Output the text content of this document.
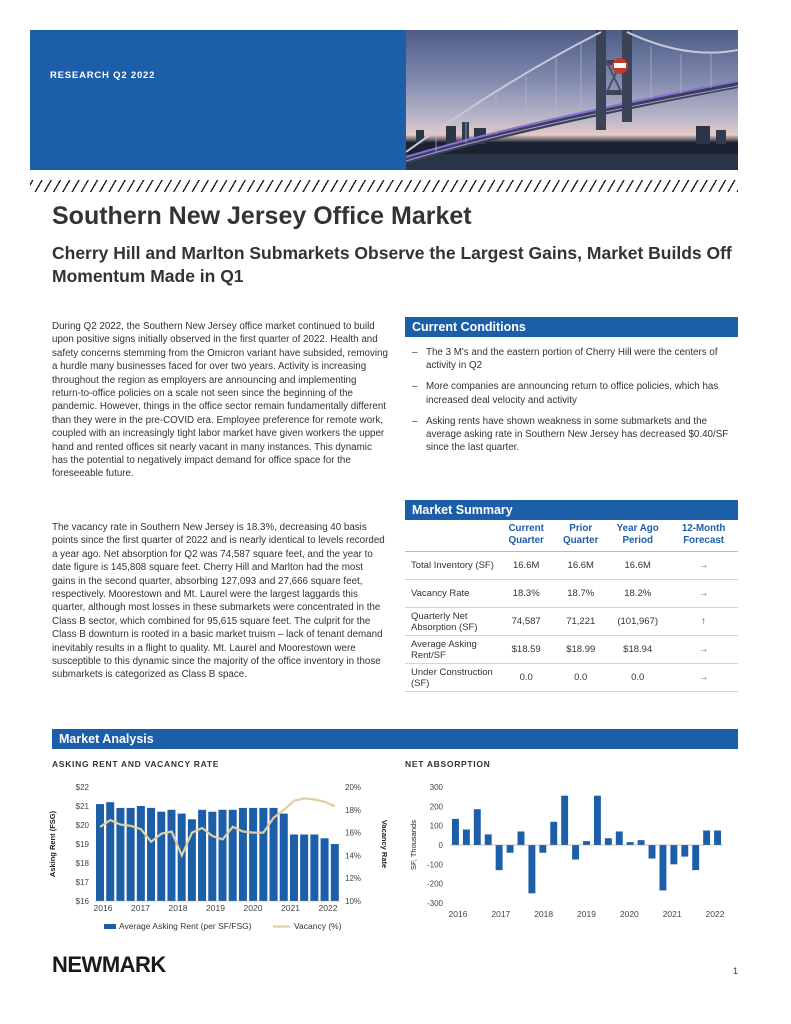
RESEARCH Q2 2022
Southern New Jersey Office Market
Cherry Hill and Marlton Submarkets Observe the Largest Gains, Market Builds Off Momentum Made in Q1

During Q2 2022, the Southern New Jersey office market continued to build upon positive signs initially observed in the first quarter of 2022. Health and safety concerns stemming from the Omicron variant have subsided, removing a hurdle many businesses faced for over two years. Activity is increasing throughout the region as employers are announcing and implementing return-to-office policies on a scale not seen since the beginning of the pandemic. However, things in the office sector remain fundamentally different than they were in the pre-COVID era. Employee preference for remote work, coupled with an increasingly tight labor market have given workers the upper hand and rented offices sit nearly vacant in many instances. This dynamic has the potential to negatively impact demand for office space for the foreseeable future.

The vacancy rate in Southern New Jersey is 18.3%, decreasing 40 basis points since the first quarter of 2022 and is nearly identical to levels recorded a year ago. Net absorption for Q2 was 74,587 square feet, and the year to date figure is 145,808 square feet. Cherry Hill and Marlton had the most gains in the second quarter, absorbing 127,093 and 27,666 square feet, respectively. Moorestown and Mt. Laurel were the largest laggards this quarter, although most losses in these submarkets were concentrated in the Class B sector, which combined for 95,615 square feet. The culprit for the Class B downturn is rooted in a basic market truism – lack of tenant demand inevitably results in a flight to quality. Mt. Laurel and Moorestown were susceptible to this dynamic since the majority of the office inventory in those submarkets is categorized as Class B space.

Current Conditions
– The 3 M's and the eastern portion of Cherry Hill were the centers of activity in Q2
– More companies are announcing return to office policies, which has increased deal velocity and activity
– Asking rents have shown weakness in some submarkets and the average asking rate in Southern New Jersey has decreased $0.40/SF since the last quarter.
Market Summary
	Current Quarter	Prior Quarter	Year Ago Period	12-Month Forecast
Total Inventory (SF)	16.6M	16.6M	16.6M	→
Vacancy Rate	18.3%	18.7%	18.2%	→
Quarterly Net Absorption (SF)	74,587	71,221	(101,967)	↑
Average Asking Rent/SF	$18.59	$18.99	$18.94	→
Under Construction (SF)	0.0	0.0	0.0	→
Market Analysis
ASKING RENT AND VACANCY RATE
$22
$21
$20
$19
$18
$17
$16
20%
18%
16%
14%
12%
10%
2016 2017 2018 2019 2020 2021 2022
Asking Rent (FSG)	Vacancy Rate
Average Asking Rent (per SF/FSG)	Vacancy (%)
NET ABSORPTION
300
200
100
0
-100
-200
-300
2016	2017	2018	2019	2020	2021	2022
SF, Thousands
NEWMARK	1
